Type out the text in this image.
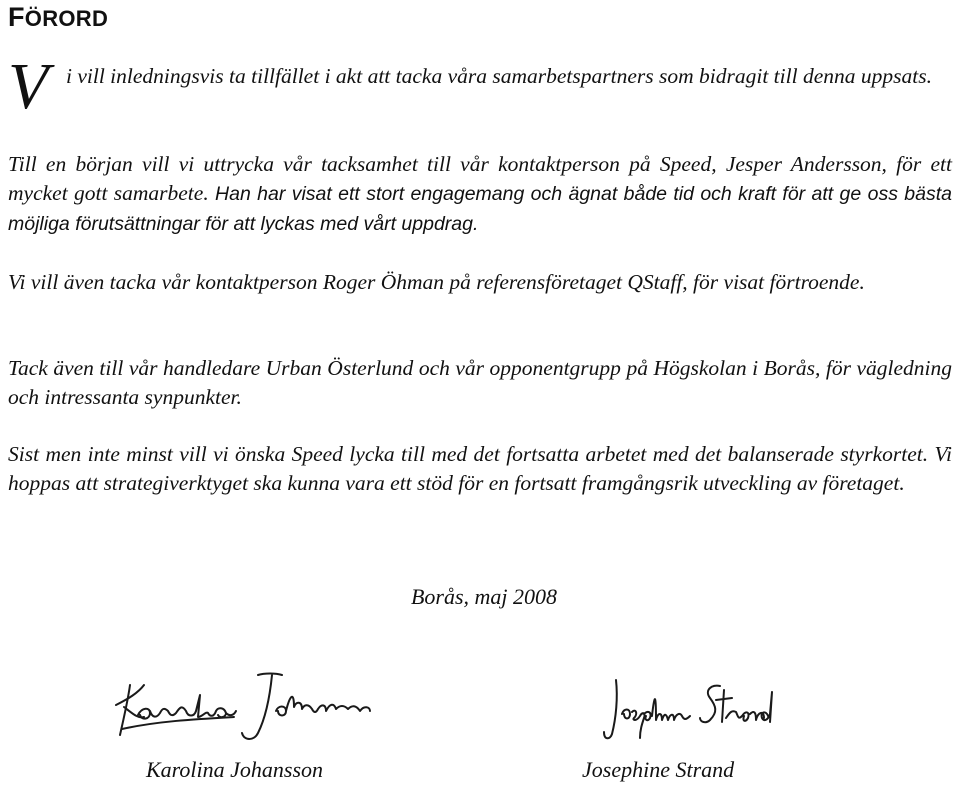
FÖRORD
V i vill inledningsvis ta tillfället i akt att tacka våra samarbetspartners som bidragit till denna uppsats.

Till en början vill vi uttrycka vår tacksamhet till vår kontaktperson på Speed, Jesper Andersson, för ett mycket gott samarbete. Han har visat ett stort engagemang och ägnat både tid och kraft för att ge oss bästa möjliga förutsättningar för att lyckas med vårt uppdrag.

Vi vill även tacka vår kontaktperson Roger Öhman på referensföretaget QStaff, för visat förtroende.

Tack även till vår handledare Urban Österlund och vår opponentgrupp på Högskolan i Borås, för vägledning och intressanta synpunkter.

Sist men inte minst vill vi önska Speed lycka till med det fortsatta arbetet med det balanserade styrkortet. Vi hoppas att strategiverktyget ska kunna vara ett stöd för en fortsatt framgångsrik utveckling av företaget.

Borås, maj 2008

Karolina Johansson	Josephine Strand
